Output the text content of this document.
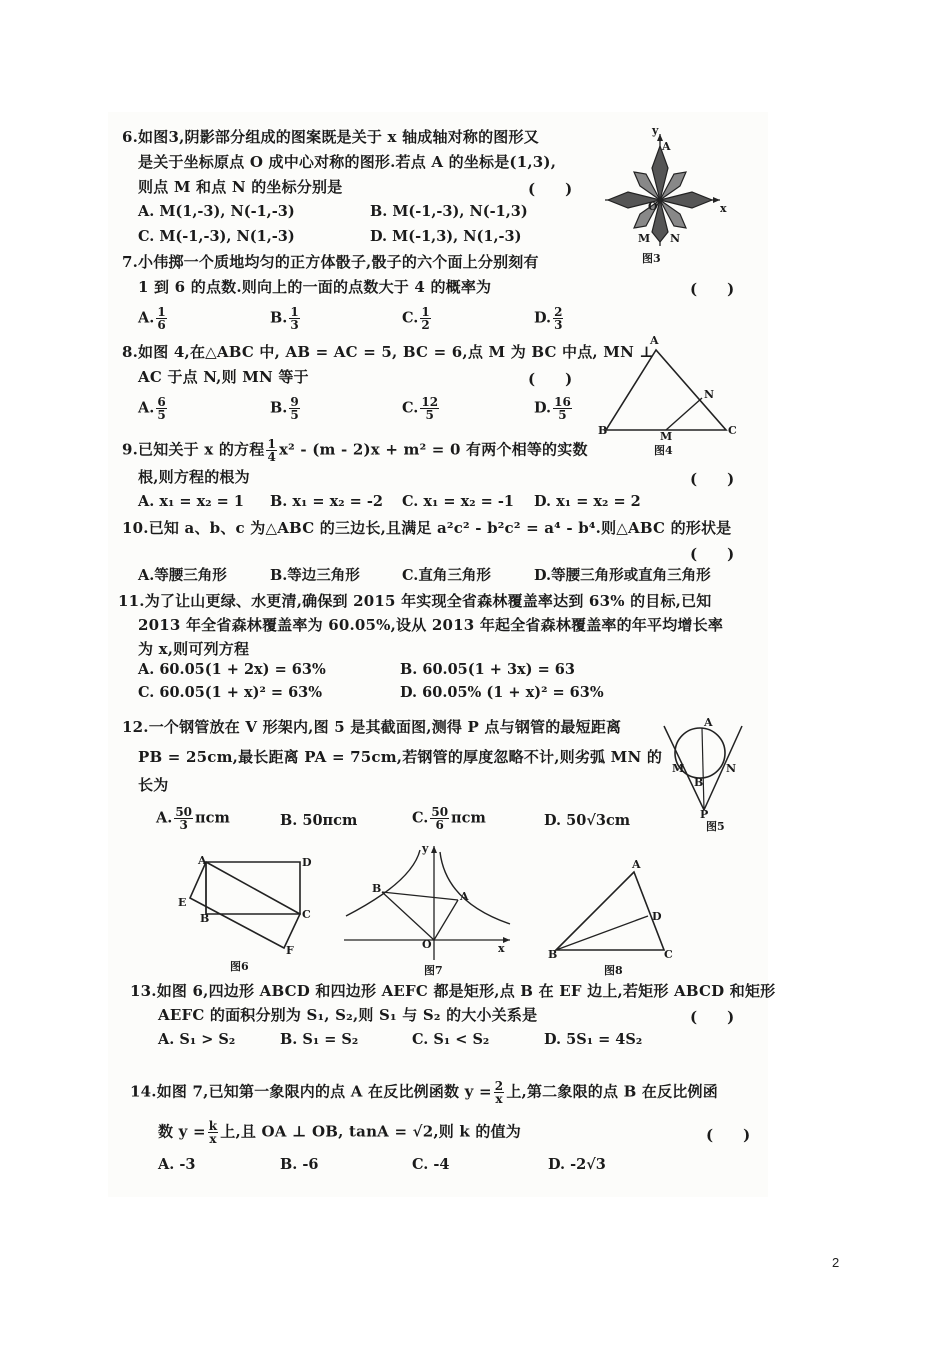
6.如图3,阴影部分组成的图案既是关于 x 轴成轴对称的图形又
是关于坐标原点 O 成中心对称的图形.若点 A 的坐标是(1,3),
则点 M 和点 N 的坐标分别是	(　　)
A. M(1,-3), N(-1,-3)	B. M(-1,-3), N(-1,3)
C. M(-1,-3), N(1,-3)	D. M(-1,3), N(1,-3)
y
x
A
O
M N
图3
7.小伟掷一个质地均匀的正方体骰子,骰子的六个面上分别刻有
1 到 6 的点数.则向上的一面的点数大于 4 的概率为	(　　)
A. $\frac{1}{6}$	B. $\frac{1}{3}$	C. $\frac{1}{2}$	D. $\frac{2}{3}$
8.如图 4,在△ABC 中, AB = AC = 5, BC = 6,点 M 为 BC 中点, MN ⊥
AC 于点 N,则 MN 等于	(　　)
A. $\frac{6}{5}$	B. $\frac{9}{5}$	C. $\frac{12}{5}$	D. $\frac{16}{5}$
A
B	C
M
N
图4
9.已知关于 x 的方程 $\frac{1}{4} x^2 - (m - 2)x + m^2 = 0$ 有两个相等的实数
根,则方程的根为	(　　)
A. x₁ = x₂ = 1 B. x₁ = x₂ = -2 C. x₁ = x₂ = -1 D. x₁ = x₂ = 2
10.已知 a、b、c 为△ABC 的三边长,且满足 a²c² - b²c² = a⁴ - b⁴.则△ABC 的形状是
(　　)
A.等腰三角形	B.等边三角形	C.直角三角形	D.等腰三角形或直角三角形
11.为了让山更绿、水更清,确保到 2015 年实现全省森林覆盖率达到 63% 的目标,已知
2013 年全省森林覆盖率为 60.05%,设从 2013 年起全省森林覆盖率的年平均增长率
为 x,则可列方程
A. 60.05(1 + 2x) = 63%	B. 60.05(1 + 3x) = 63
C. 60.05(1 + x)² = 63%	D. 60.05% (1 + x)² = 63%
12.一个钢管放在 V 形架内,图 5 是其截面图,测得 P 点与钢管的最短距离
PB = 25cm,最长距离 PA = 75cm,若钢管的厚度忽略不计,则劣弧 MN 的
长为
A. $\frac{50}{3}$ πcm	B. 50πcm	C. $\frac{50}{6}$ πcm	D. 50√3cm
A
B
M	N
P
图5
A
B	C
D
E
F
图6
y
x
A
B
O
图7
A
B	C
D
图8
13.如图 6,四边形 ABCD 和四边形 AEFC 都是矩形,点 B 在 EF 边上,若矩形 ABCD 和矩形
AEFC 的面积分别为 S₁, S₂,则 S₁ 与 S₂ 的大小关系是	(　　)
A. S₁ > S₂	B. S₁ = S₂	C. S₁ < S₂	D. 5S₁ = 4S₂
14.如图 7,已知第一象限内的点 A 在反比例函数 $y = \frac{2}{x}$ 上,第二象限的点 B 在反比例函
数 $y = \frac{k}{x}$ 上,且 OA ⊥ OB, tanA = √2,则 k 的值为	(　　)
A. -3	B. -6	C. -4	D. -2√3
2
